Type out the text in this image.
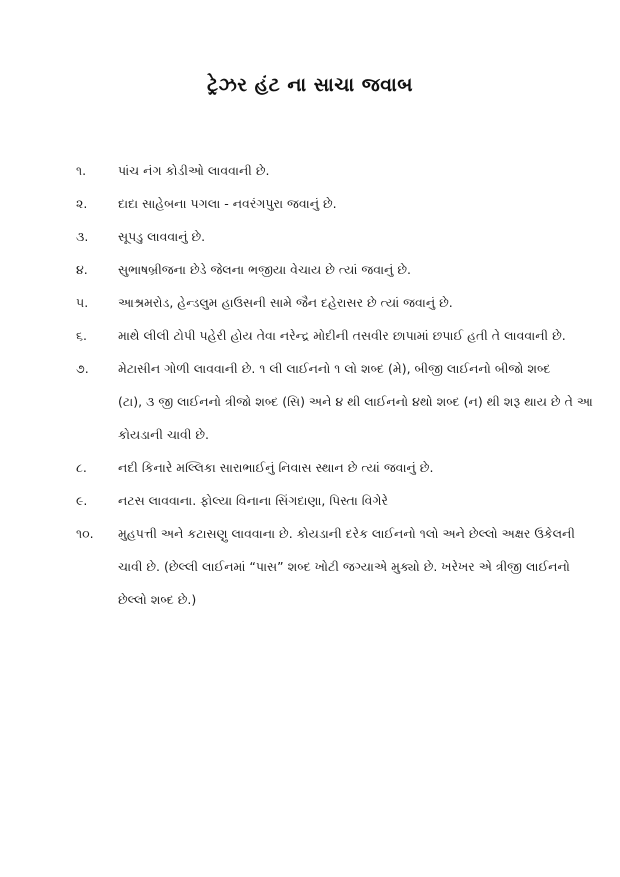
ટ્રેઝર હંટ ના સાચા જવાબ
૧.	પાંચ નંગ કોડીઓ લાવવાની છે.
૨.	દાદા સાહેબના પગલા - નવરંગપુરા જવાનું છે.
૩.	સૂપડુ લાવવાનું છે.
૪.	સુભાષબ્રીજના છેડે જેલના ભજીયા વેચાય છે ત્યાં જવાનું છે.
૫.	આશ્રમરોડ, હેન્ડલુમ હાઉસની સામે જૈન દહેરાસર છે ત્યાં જવાનું છે.
૬.	માથે લીલી ટોપી પહેરી હોય તેવા નરેન્દ્ર મોદીની તસવીર છાપામાં છપાઈ હતી તે લાવવાની છે.
૭.	મેટાસીન ગોળી લાવવાની છે. ૧ લી લાઈનનો ૧ લો શબ્દ (મે), બીજી લાઈનનો બીજો શબ્દ
(ટા), ૩ જી લાઈનનો ત્રીજો શબ્દ (સિ) અને ૪ થી લાઈનનો ૪થો શબ્દ (ન) થી શરૂ થાય છે તે આ
કોયડાની ચાવી છે.
૮.	નદી કિનારે મલ્લિકા સારાભાઈનું નિવાસ સ્થાન છે ત્યાં જવાનું છે.
૯.	નટસ લાવવાના. ફોલ્યા વિનાના સિંગદાણા, પિસ્તા વિગેરે
૧૦.	મુહપત્તી અને કટાસણુ લાવવાના છે. કોયડાની દરેક લાઈનનો ૧લો અને છેલ્લો અક્ષર ઉકેલની
ચાવી છે. (છેલ્લી લાઈનમાં “પાસ” શબ્દ ખોટી જગ્યાએ મુક્યો છે. ખરેખર એ ત્રીજી લાઈનનો
છેલ્લો શબ્દ છે.)
